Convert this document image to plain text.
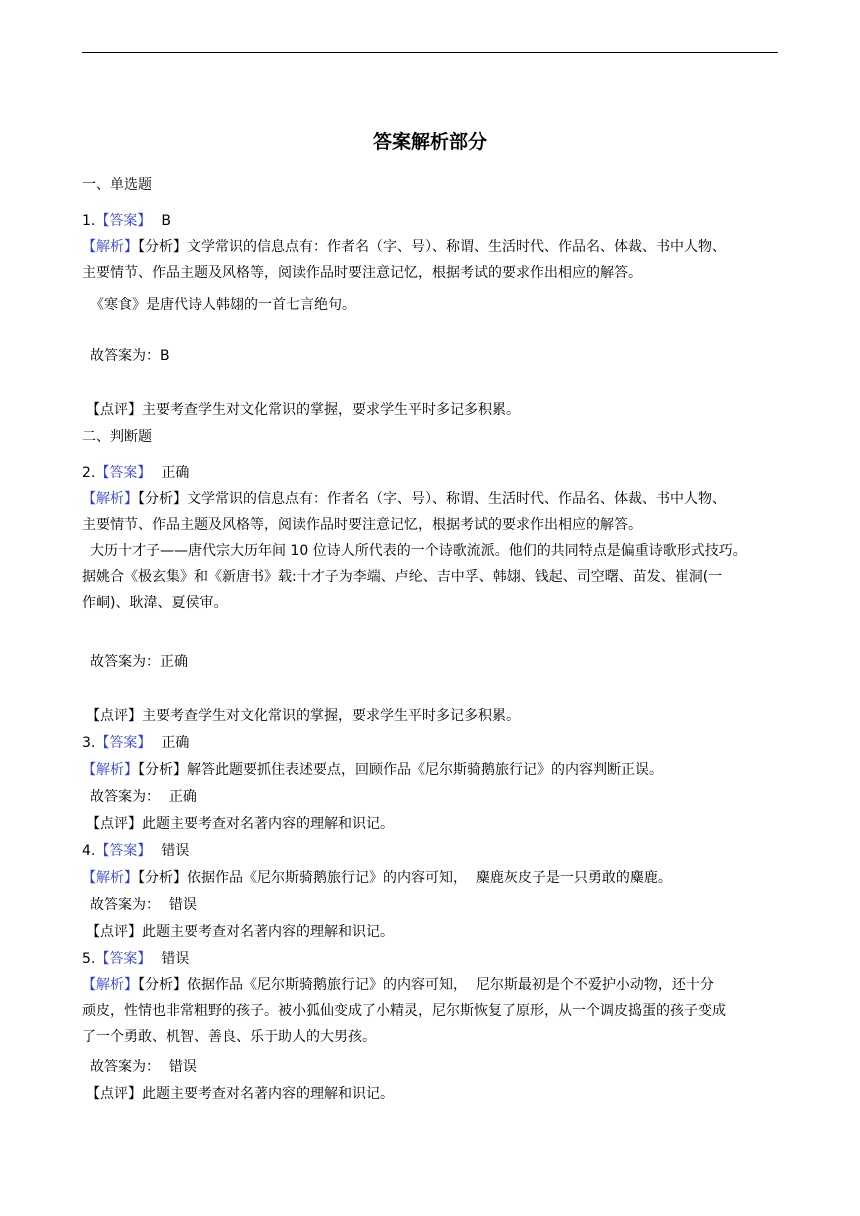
答案解析部分
一、单选题
1.【答案】 B
【解析】【分析】文学常识的信息点有：作者名（字、号）、称谓、生活时代、作品名、体裁、书中人物、
主要情节、作品主题及风格等，阅读作品时要注意记忆，根据考试的要求作出相应的解答。
《寒食》是唐代诗人韩翃的一首七言绝句。
故答案为：B
【点评】主要考查学生对文化常识的掌握，要求学生平时多记多积累。
二、判断题
2.【答案】 正确
【解析】【分析】文学常识的信息点有：作者名（字、号）、称谓、生活时代、作品名、体裁、书中人物、
主要情节、作品主题及风格等，阅读作品时要注意记忆，根据考试的要求作出相应的解答。
大历十才子——唐代宗大历年间 10 位诗人所代表的一个诗歌流派。他们的共同特点是偏重诗歌形式技巧。
据姚合《极玄集》和《新唐书》载:十才子为李端、卢纶、吉中孚、韩翃、钱起、司空曙、苗发、崔洞(一
作峒)、耿湋、夏侯审。
故答案为：正确
【点评】主要考查学生对文化常识的掌握，要求学生平时多记多积累。
3.【答案】 正确
【解析】【分析】解答此题要抓住表述要点，回顾作品《尼尔斯骑鹅旅行记》的内容判断正误。
故答案为：  正确
【点评】此题主要考查对名著内容的理解和识记。
4.【答案】 错误
【解析】【分析】依据作品《尼尔斯骑鹅旅行记》的内容可知，  麋鹿灰皮子是一只勇敢的麋鹿。
故答案为：  错误
【点评】此题主要考查对名著内容的理解和识记。
5.【答案】 错误
【解析】【分析】依据作品《尼尔斯骑鹅旅行记》的内容可知，  尼尔斯最初是个不爱护小动物，还十分
顽皮，性情也非常粗野的孩子。被小狐仙变成了小精灵，尼尔斯恢复了原形，从一个调皮捣蛋的孩子变成
了一个勇敢、机智、善良、乐于助人的大男孩。
故答案为：  错误
【点评】此题主要考查对名著内容的理解和识记。
